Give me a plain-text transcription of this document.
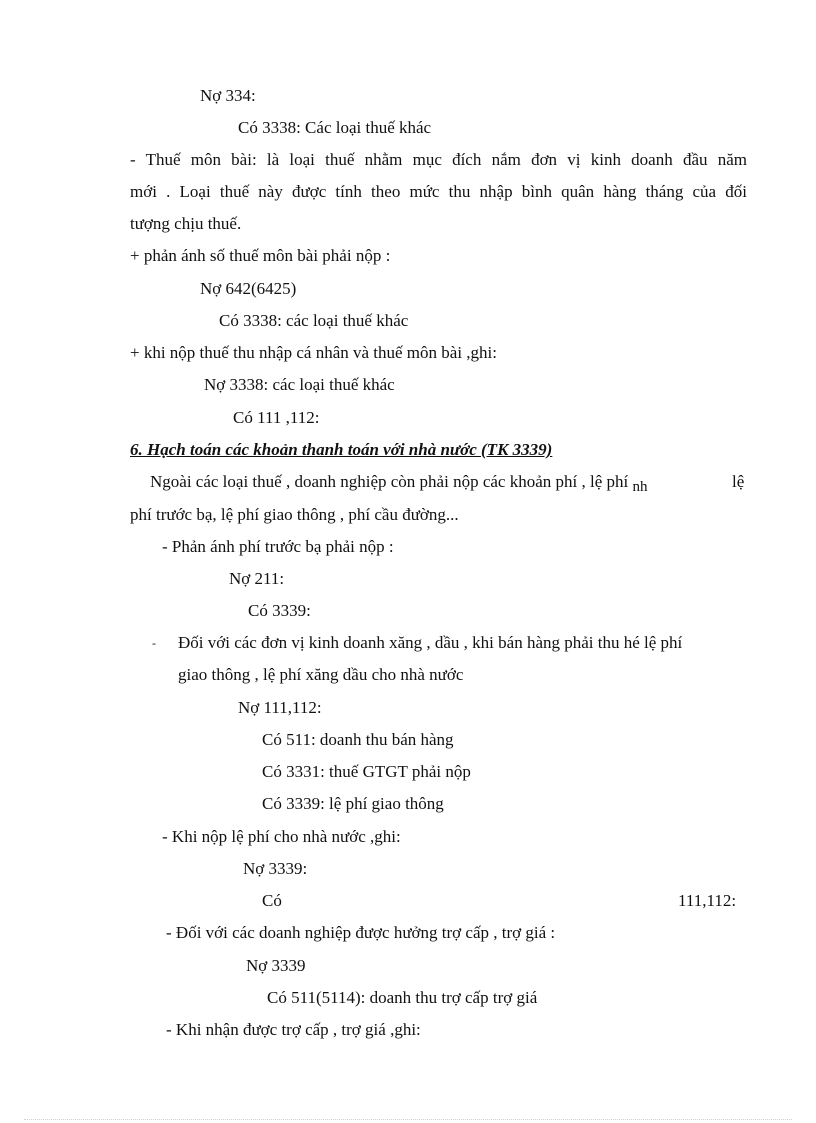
Nợ 334:
Có 3338: Các loại thuế khác
- Thuế môn bài: là loại thuế nhằm mục đích nắm đơn vị kinh doanh đầu năm
mới . Loại thuế này được tính theo mức thu nhập bình quân hàng tháng của đối
tượng chịu thuế.
+ phản ánh số thuế môn bài phải nộp :
Nợ 642(6425)
Có 3338: các loại thuế khác
+ khi nộp thuế thu nhập cá nhân và thuế môn bài ,ghi:
Nợ 3338: các loại thuế khác
Có 111 ,112:
6. Hạch toán các khoản thanh toán với nhà nước (TK 3339)
Ngoài các loại thuế , doanh nghiệp còn phải nộp các khoản phí , lệ phí nh	lệ
phí trước bạ, lệ phí giao thông , phí cầu đường...
- Phản ánh phí trước bạ phải nộp :
Nợ 211:
Có 3339:
- Đối với các đơn vị kinh doanh xăng , dầu , khi bán hàng phải thu hé lệ phí
giao thông , lệ phí xăng dầu cho nhà nước
Nợ 111,112:
Có 511: doanh thu bán hàng
Có 3331: thuế GTGT phải nộp
Có 3339: lệ phí giao thông
- Khi nộp lệ phí cho nhà nước ,ghi:
Nợ 3339:
Có	111,112:
- Đối với các doanh nghiệp được hưởng trợ cấp , trợ giá :
Nợ 3339
Có 511(5114): doanh thu trợ cấp trợ giá
- Khi nhận được trợ cấp , trợ giá ,ghi:
